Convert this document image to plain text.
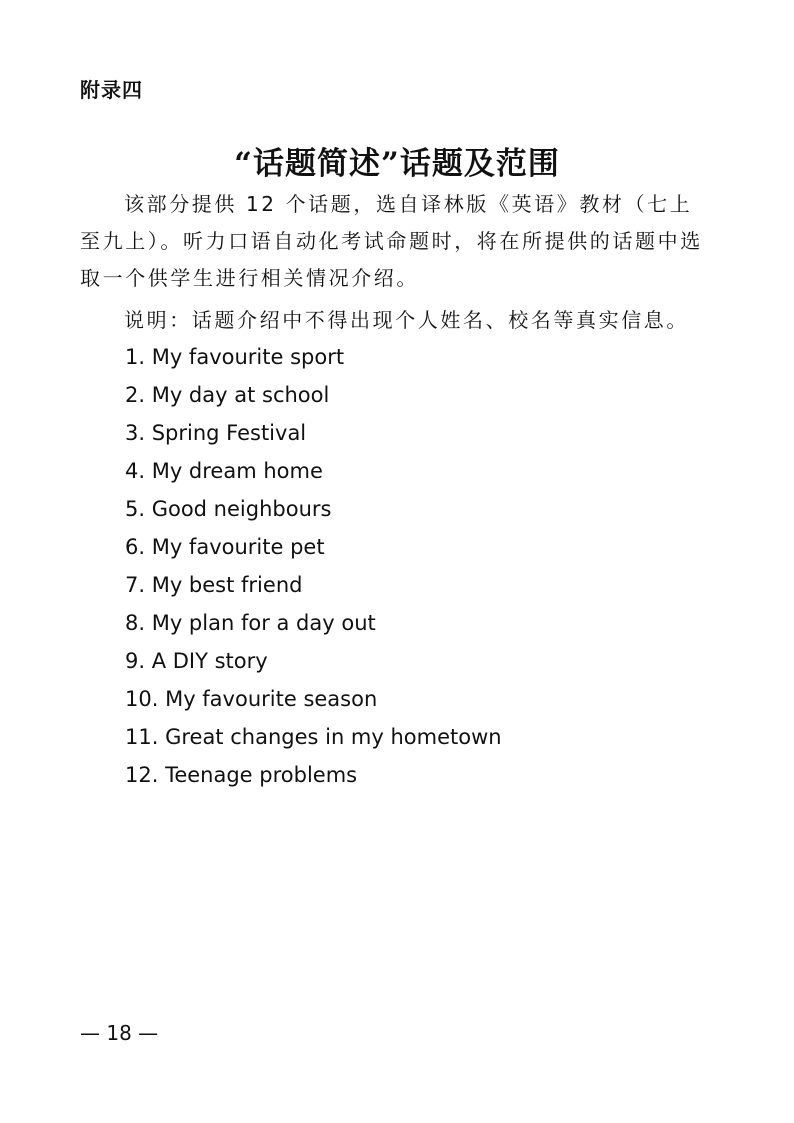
附录四
“话题简述”话题及范围

该部分提供 12 个话题，选自译林版《英语》教材（七上至九上）。听力口语自动化考试命题时，将在所提供的话题中选取一个供学生进行相关情况介绍。

说明：话题介绍中不得出现个人姓名、校名等真实信息。

1. My favourite sport
2. My day at school
3. Spring Festival
4. My dream home
5. Good neighbours
6. My favourite pet
7. My best friend
8. My plan for a day out
9. A DIY story
10. My favourite season
11. Great changes in my hometown
12. Teenage problems
— 18 —
